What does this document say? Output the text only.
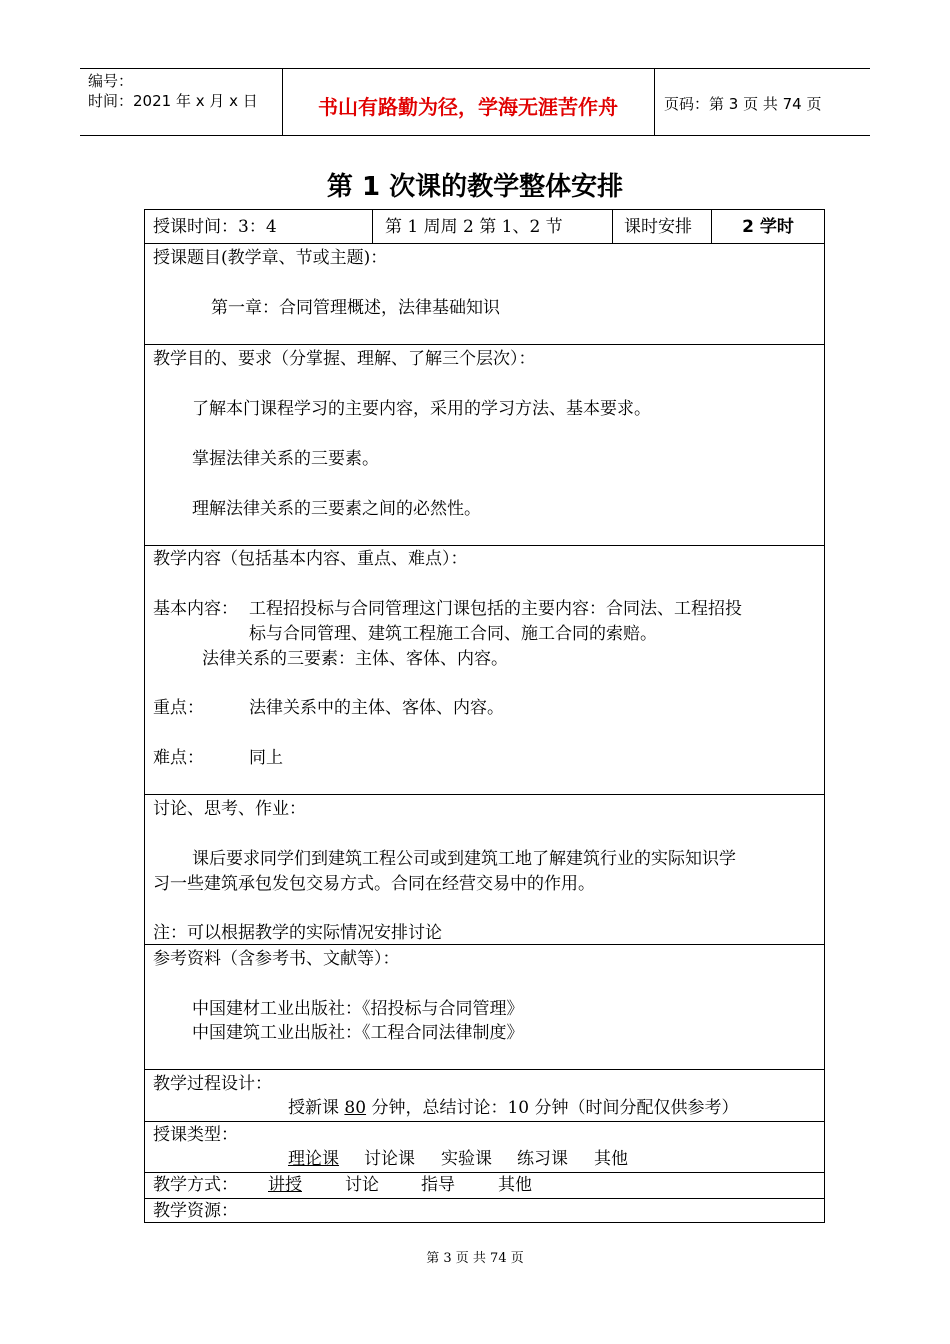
编号：
时间：2021 年 x 月 x 日	书山有路勤为径，学海无涯苦作舟	页码：第 3 页 共 74 页
第 1 次课的教学整体安排
授课时间：3：4	第 1 周周 2 第 1、2 节	课时安排	2 学时
授课题目(教学章、节或主题)：
第一章：合同管理概述，法律基础知识
教学目的、要求（分掌握、理解、了解三个层次）：
了解本门课程学习的主要内容，采用的学习方法、基本要求。
掌握法律关系的三要素。
理解法律关系的三要素之间的必然性。
教学内容（包括基本内容、重点、难点）：
基本内容： 工程招投标与合同管理这门课包括的主要内容：合同法、工程招投
标与合同管理、建筑工程施工合同、施工合同的索赔。
法律关系的三要素：主体、客体、内容。
重点：	法律关系中的主体、客体、内容。
难点：	同上
讨论、思考、作业：
课后要求同学们到建筑工程公司或到建筑工地了解建筑行业的实际知识学
习一些建筑承包发包交易方式。合同在经营交易中的作用。
注：可以根据教学的实际情况安排讨论
参考资料（含参考书、文献等）：
中国建材工业出版社：《招投标与合同管理》
中国建筑工业出版社：《工程合同法律制度》
教学过程设计：
授新课 80 分钟，总结讨论：10 分钟（时间分配仅供参考）
授课类型：
理论课 讨论课 实验课 练习课 其他
教学方式： 讲授	讨论 指导	其他
教学资源：
第 3 页 共 74 页
